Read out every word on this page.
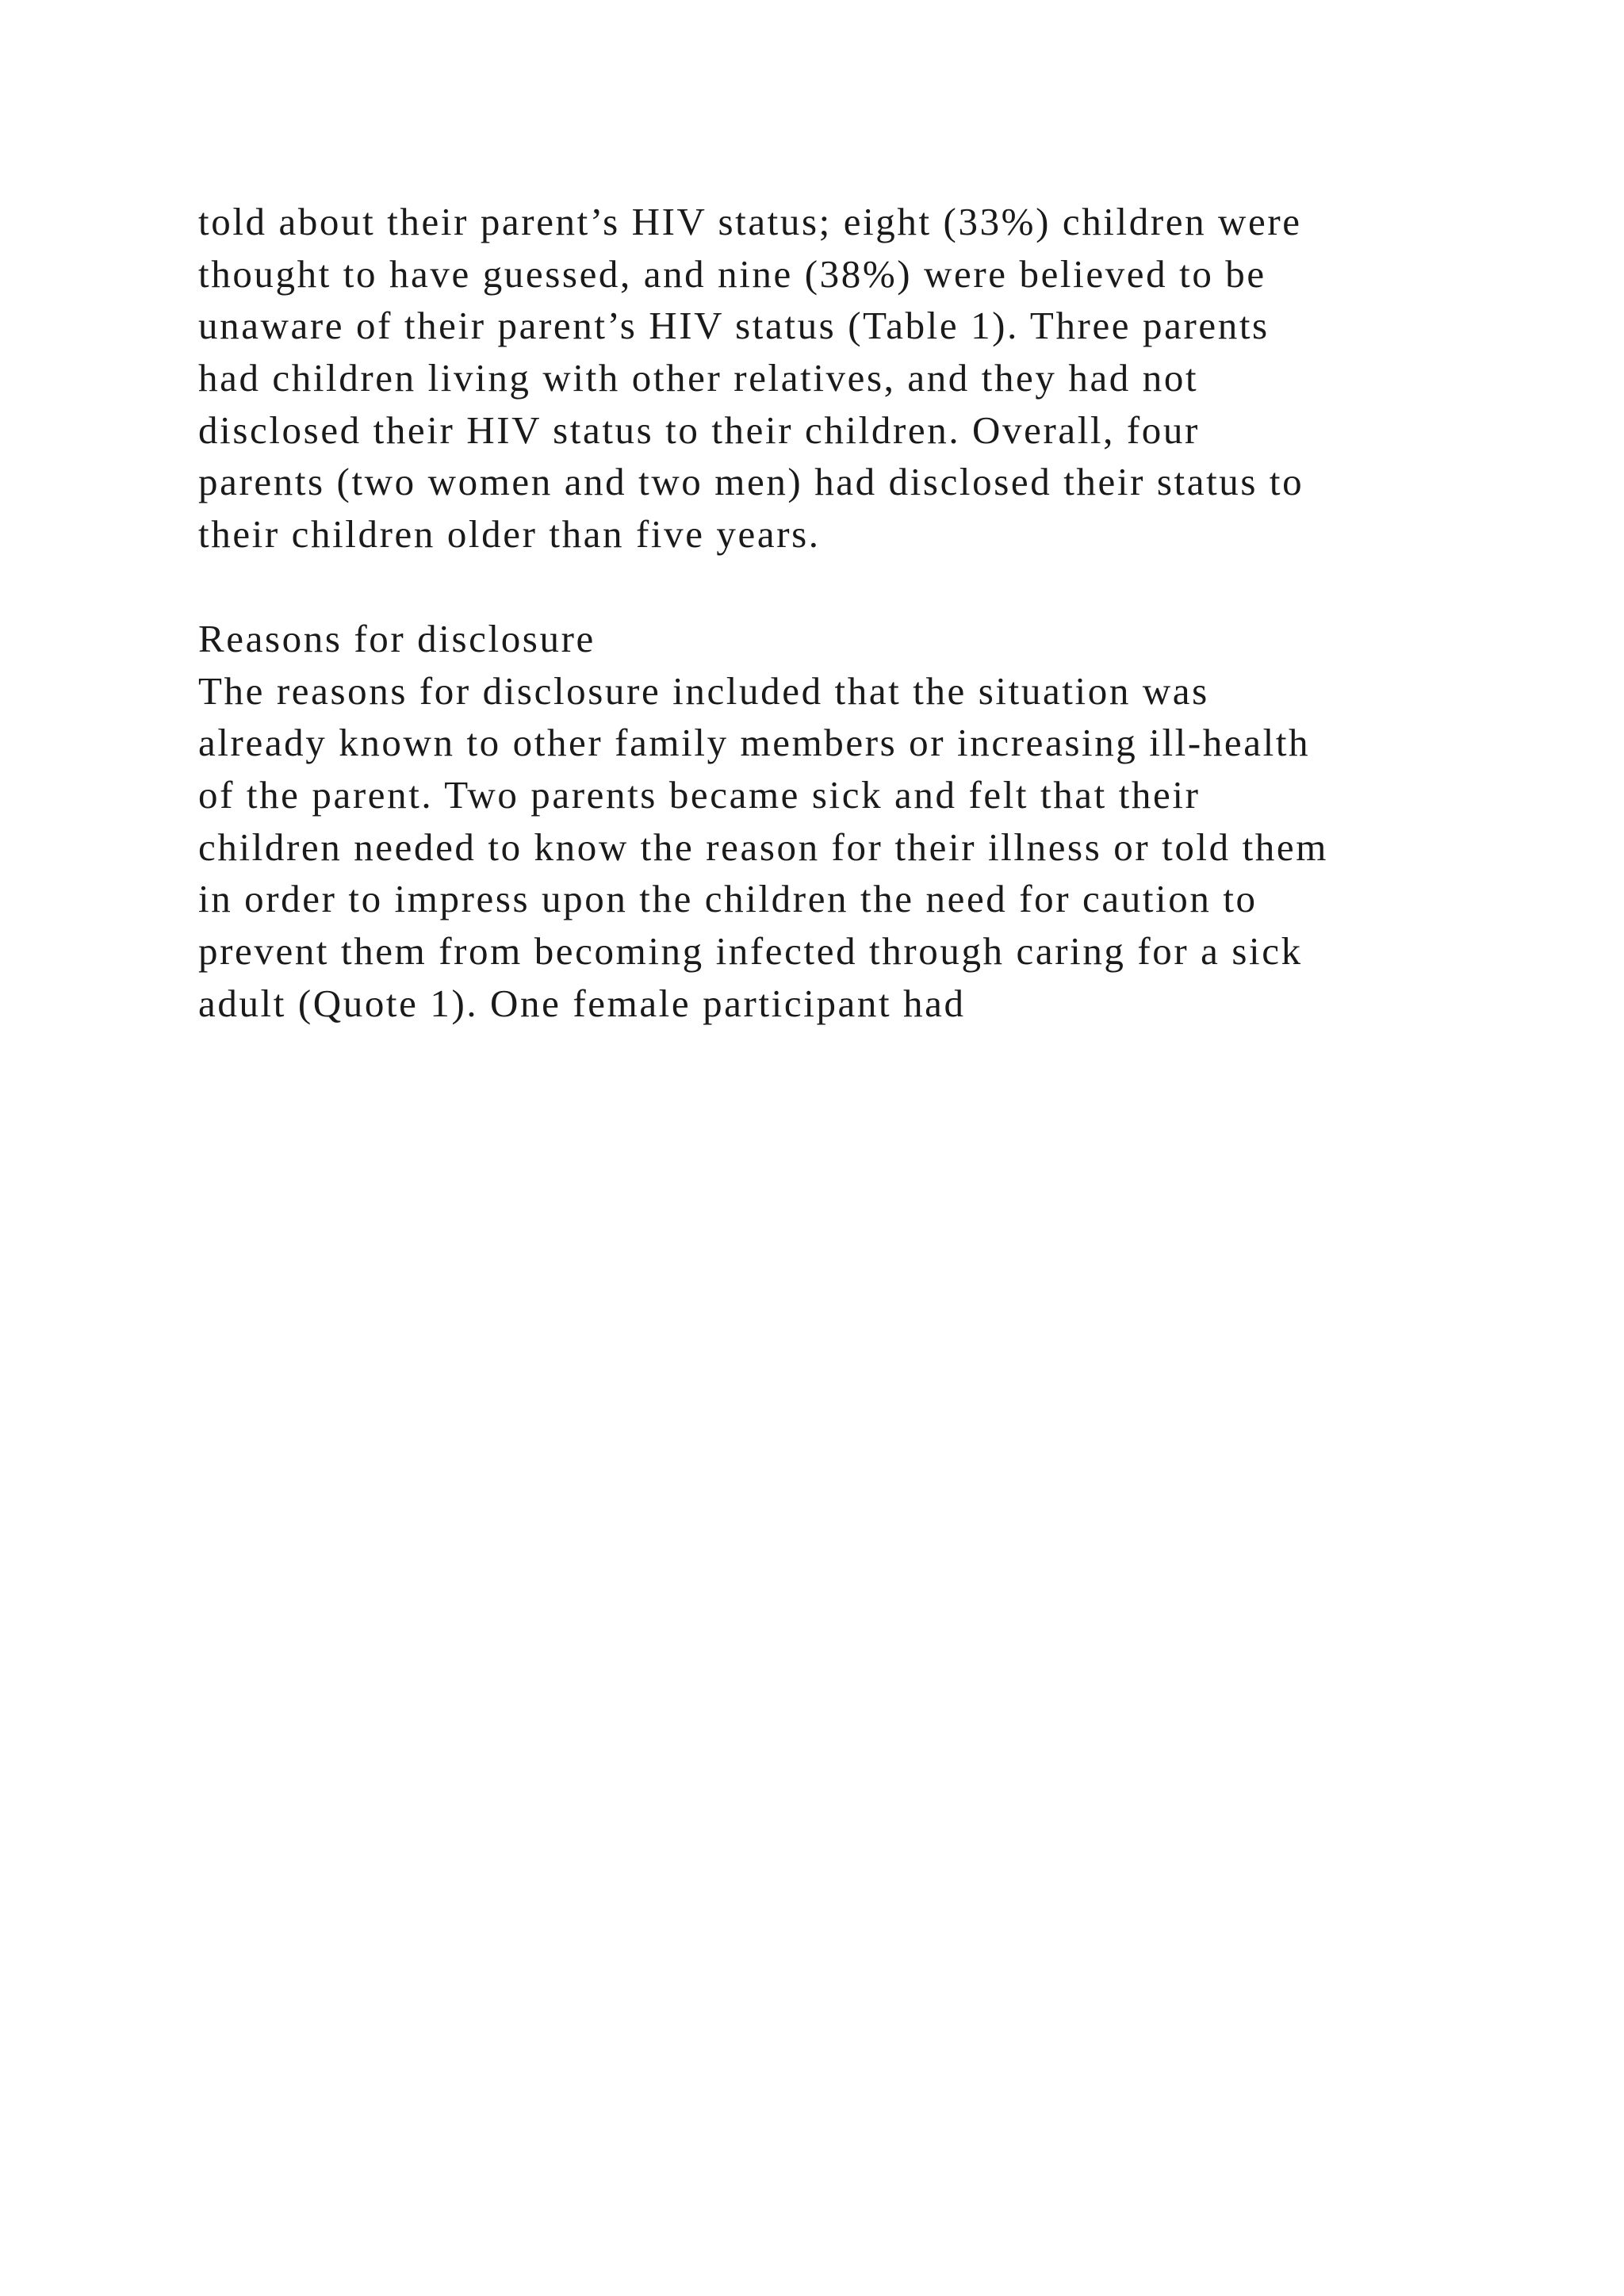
told about their parent’s HIV status; eight (33%) children were
thought to have guessed, and nine (38%) were believed to be
unaware of their parent’s HIV status (Table 1). Three parents
had children living with other relatives, and they had not
disclosed their HIV status to their children. Overall, four
parents (two women and two men) had disclosed their status to
their children older than five years.
Reasons for disclosure
The reasons for disclosure included that the situation was
already known to other family members or increasing ill-health
of the parent. Two parents became sick and felt that their
children needed to know the reason for their illness or told them
in order to impress upon the children the need for caution to
prevent them from becoming infected through caring for a sick
adult (Quote 1). One female participant had
